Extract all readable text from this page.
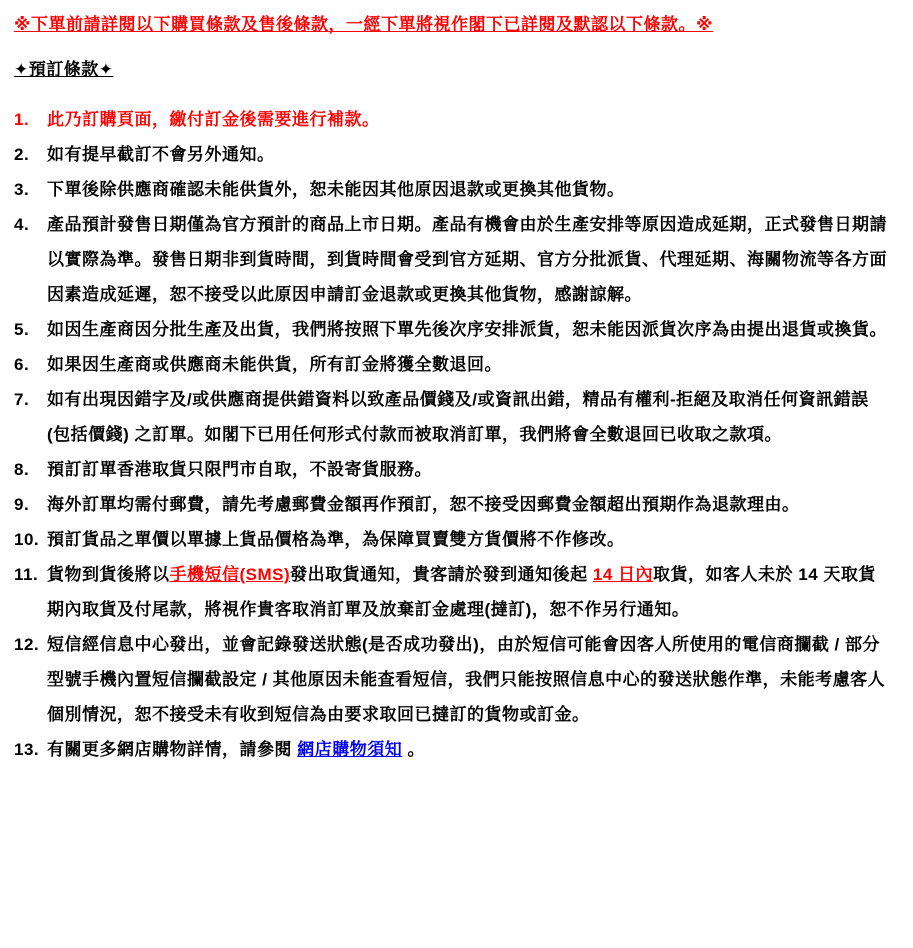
※下單前請詳閱以下購買條款及售後條款，一經下單將視作閣下已詳閱及默認以下條款。※
✦預訂條款✦
1.	此乃訂購頁面，繳付訂金後需要進行補款。
2.	如有提早截訂不會另外通知。
3.	下單後除供應商確認未能供貨外，恕未能因其他原因退款或更換其他貨物。
4.	產品預計發售日期僅為官方預計的商品上市日期。產品有機會由於生產安排等原因造成延期，正式發售日期請以實際為準。發售日期非到貨時間，到貨時間會受到官方延期、官方分批派貨、代理延期、海關物流等各方面因素造成延遲，恕不接受以此原因申請訂金退款或更換其他貨物，感謝諒解。
5.	如因生產商因分批生產及出貨，我們將按照下單先後次序安排派貨，恕未能因派貨次序為由提出退貨或換貨。
6.	如果因生產商或供應商未能供貨，所有訂金將獲全數退回。
7.	如有出現因錯字及/或供應商提供錯資料以致產品價錢及/或資訊出錯，精品有權利-拒絕及取消任何資訊錯誤(包括價錢) 之訂單。如閣下已用任何形式付款而被取消訂單，我們將會全數退回已收取之款項。
8.	預訂訂單香港取貨只限門市自取，不設寄貨服務。
9.	海外訂單均需付郵費，請先考慮郵費金額再作預訂，恕不接受因郵費金額超出預期作為退款理由。
10. 預訂貨品之單價以單據上貨品價格為準，為保障買賣雙方貨價將不作修改。
11. 貨物到貨後將以手機短信(SMS)發出取貨通知，貴客請於發到通知後起 14 日內取貨，如客人未於 14 天取貨期內取貨及付尾款，將視作貴客取消訂單及放棄訂金處理(撻訂)，恕不作另行通知。
12. 短信經信息中心發出，並會記錄發送狀態(是否成功發出)，由於短信可能會因客人所使用的電信商攔截 / 部分型號手機內置短信攔截設定 / 其他原因未能查看短信，我們只能按照信息中心的發送狀態作準，未能考慮客人個別情況，恕不接受未有收到短信為由要求取回已撻訂的貨物或訂金。
13. 有關更多網店購物詳情，請參閱 網店購物須知 。
